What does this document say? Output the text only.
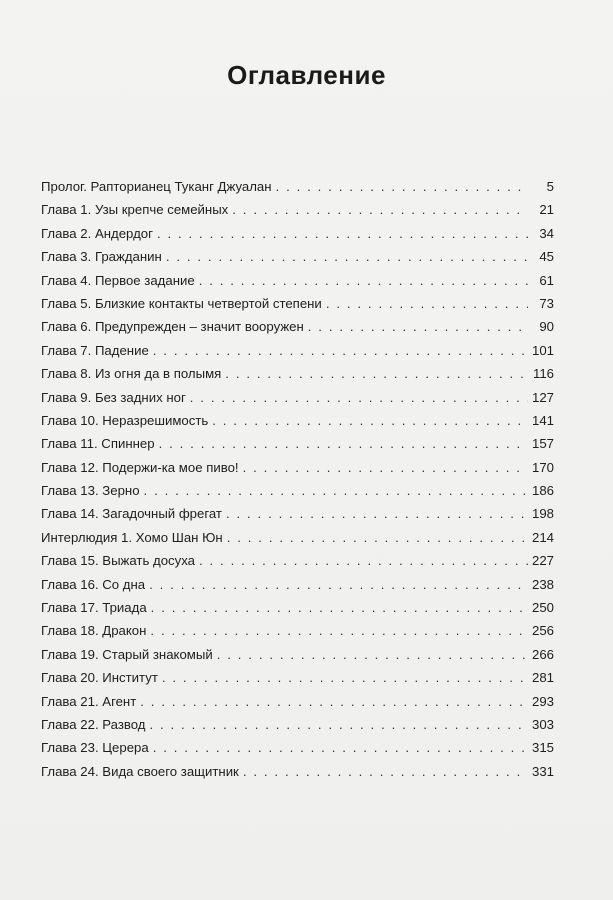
Оглавление
Пролог. Рапторианец Туканг Джуалан . . .	5
Глава 1. Узы крепче семейных . . .	21
Глава 2. Андердог . . .	34
Глава 3. Гражданин . . .	45
Глава 4. Первое задание . . .	61
Глава 5. Близкие контакты четвертой степени . . .	73
Глава 6. Предупрежден – значит вооружен . . .	90
Глава 7. Падение . . .	101
Глава 8. Из огня да в полымя . . .	116
Глава 9. Без задних ног . . .	127
Глава 10. Неразрешимость . . .	141
Глава 11. Спиннер . . .	157
Глава 12. Подержи-ка мое пиво! . . .	170
Глава 13. Зерно . . .	186
Глава 14. Загадочный фрегат . . .	198
Интерлюдия 1. Хомо Шан Юн . . .	214
Глава 15. Выжать досуха . . .	227
Глава 16. Со дна . . .	238
Глава 17. Триада . . .	250
Глава 18. Дракон . . .	256
Глава 19. Старый знакомый . . .	266
Глава 20. Институт . . .	281
Глава 21. Агент . . .	293
Глава 22. Развод . . .	303
Глава 23. Церера . . .	315
Глава 24. Вида своего защитник . . .	331
